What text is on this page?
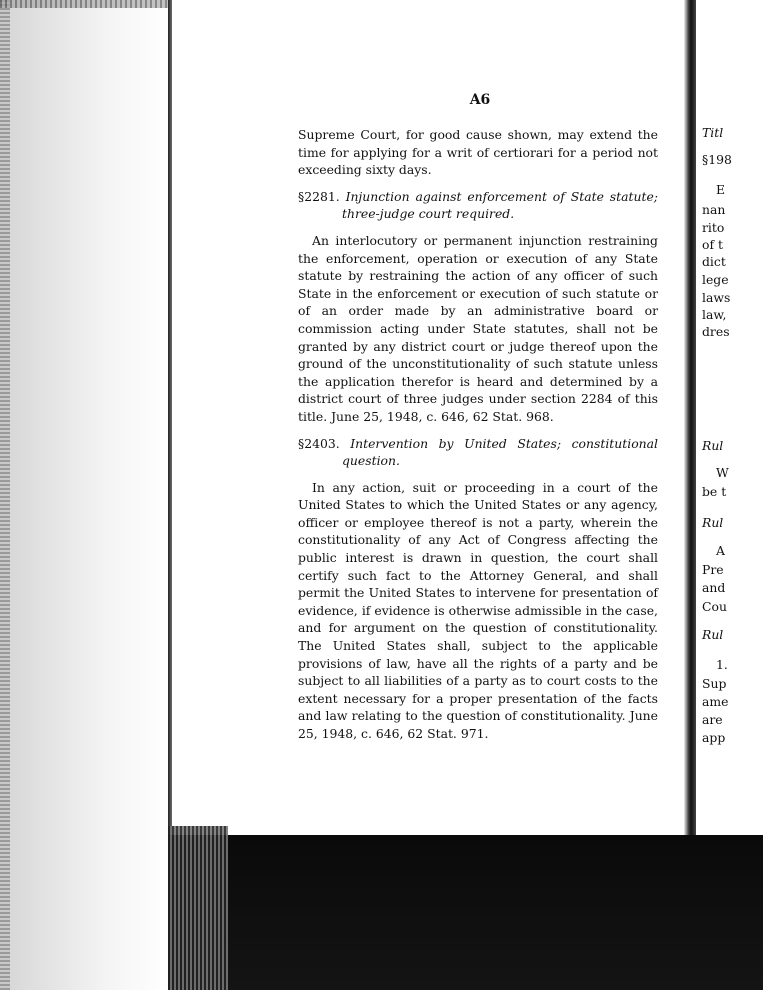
Titl
§198
E
nan
rito
of t
dict
lege
laws
law,
dres
Rul
W
be t
Rul
A
Pre
and
Cou
Rul
1.
Sup
ame
are
app
A6

Supreme Court, for good cause shown, may extend the time for applying for a writ of certiorari for a period not exceeding sixty days.

§2281. Injunction against enforcement of State statute; three-judge court required.

An interlocutory or permanent injunction restraining the enforcement, operation or execution of any State statute by restraining the action of any officer of such State in the enforcement or execution of such statute or of an order made by an administrative board or commission acting under State statutes, shall not be granted by any district court or judge thereof upon the ground of the unconstitutionality of such statute unless the application therefor is heard and determined by a district court of three judges under section 2284 of this title. June 25, 1948, c. 646, 62 Stat. 968.

§2403. Intervention by United States; constitutional question.

In any action, suit or proceeding in a court of the United States to which the United States or any agency, officer or employee thereof is not a party, wherein the constitutionality of any Act of Congress affecting the public interest is drawn in question, the court shall certify such fact to the Attorney General, and shall permit the United States to intervene for presentation of evidence, if evidence is otherwise admissible in the case, and for argument on the question of constitutionality. The United States shall, subject to the applicable provisions of law, have all the rights of a party and be subject to all liabilities of a party as to court costs to the extent necessary for a proper presentation of the facts and law relating to the question of constitutionality. June 25, 1948, c. 646, 62 Stat. 971.
